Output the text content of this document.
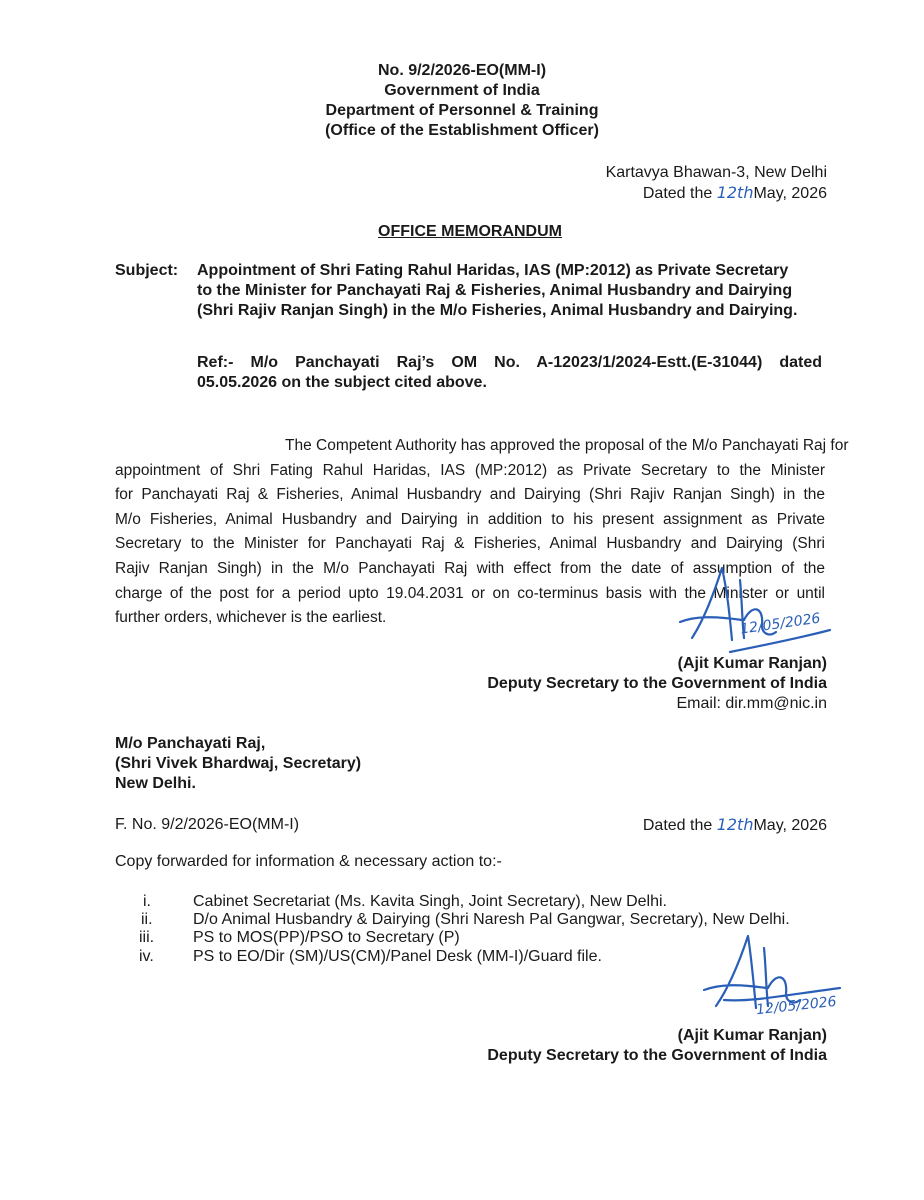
No. 9/2/2026-EO(MM-I)
Government of India
Department of Personnel & Training
(Office of the Establishment Officer)
Kartavya Bhawan-3, New Delhi
Dated the 12thMay, 2026
OFFICE MEMORANDUM
Subject: Appointment of Shri Fating Rahul Haridas, IAS (MP:2012) as Private Secretary
to the Minister for Panchayati Raj & Fisheries, Animal Husbandry and Dairying
(Shri Rajiv Ranjan Singh) in the M/o Fisheries, Animal Husbandry and Dairying.
Ref:- M/o Panchayati Raj’s OM No. A-12023/1/2024-Estt.(E-31044) dated
05.05.2026 on the subject cited above.
The Competent Authority has approved the proposal of the M/o Panchayati Raj for
appointment of Shri Fating Rahul Haridas, IAS (MP:2012) as Private Secretary to the Minister
for Panchayati Raj & Fisheries, Animal Husbandry and Dairying (Shri Rajiv Ranjan Singh) in the
M/o Fisheries, Animal Husbandry and Dairying in addition to his present assignment as Private
Secretary to the Minister for Panchayati Raj & Fisheries, Animal Husbandry and Dairying (Shri
Rajiv Ranjan Singh) in the M/o Panchayati Raj with effect from the date of assumption of the
charge of the post for a period upto 19.04.2031 or on co-terminus basis with the Minister or until
further orders, whichever is the earliest.	12/05/2026
(Ajit Kumar Ranjan)
Deputy Secretary to the Government of India
Email: dir.mm@nic.in
M/o Panchayati Raj,
(Shri Vivek Bhardwaj, Secretary)
New Delhi.
F. No. 9/2/2026-EO(MM-I)	Dated the 12thMay, 2026
Copy forwarded for information & necessary action to:-
i.	Cabinet Secretariat (Ms. Kavita Singh, Joint Secretary), New Delhi.
ii.	D/o Animal Husbandry & Dairying (Shri Naresh Pal Gangwar, Secretary), New Delhi.
iii. PS to MOS(PP)/PSO to Secretary (P)
iv. PS to EO/Dir (SM)/US(CM)/Panel Desk (MM-I)/Guard file.
12/05/2026
(Ajit Kumar Ranjan)
Deputy Secretary to the Government of India
